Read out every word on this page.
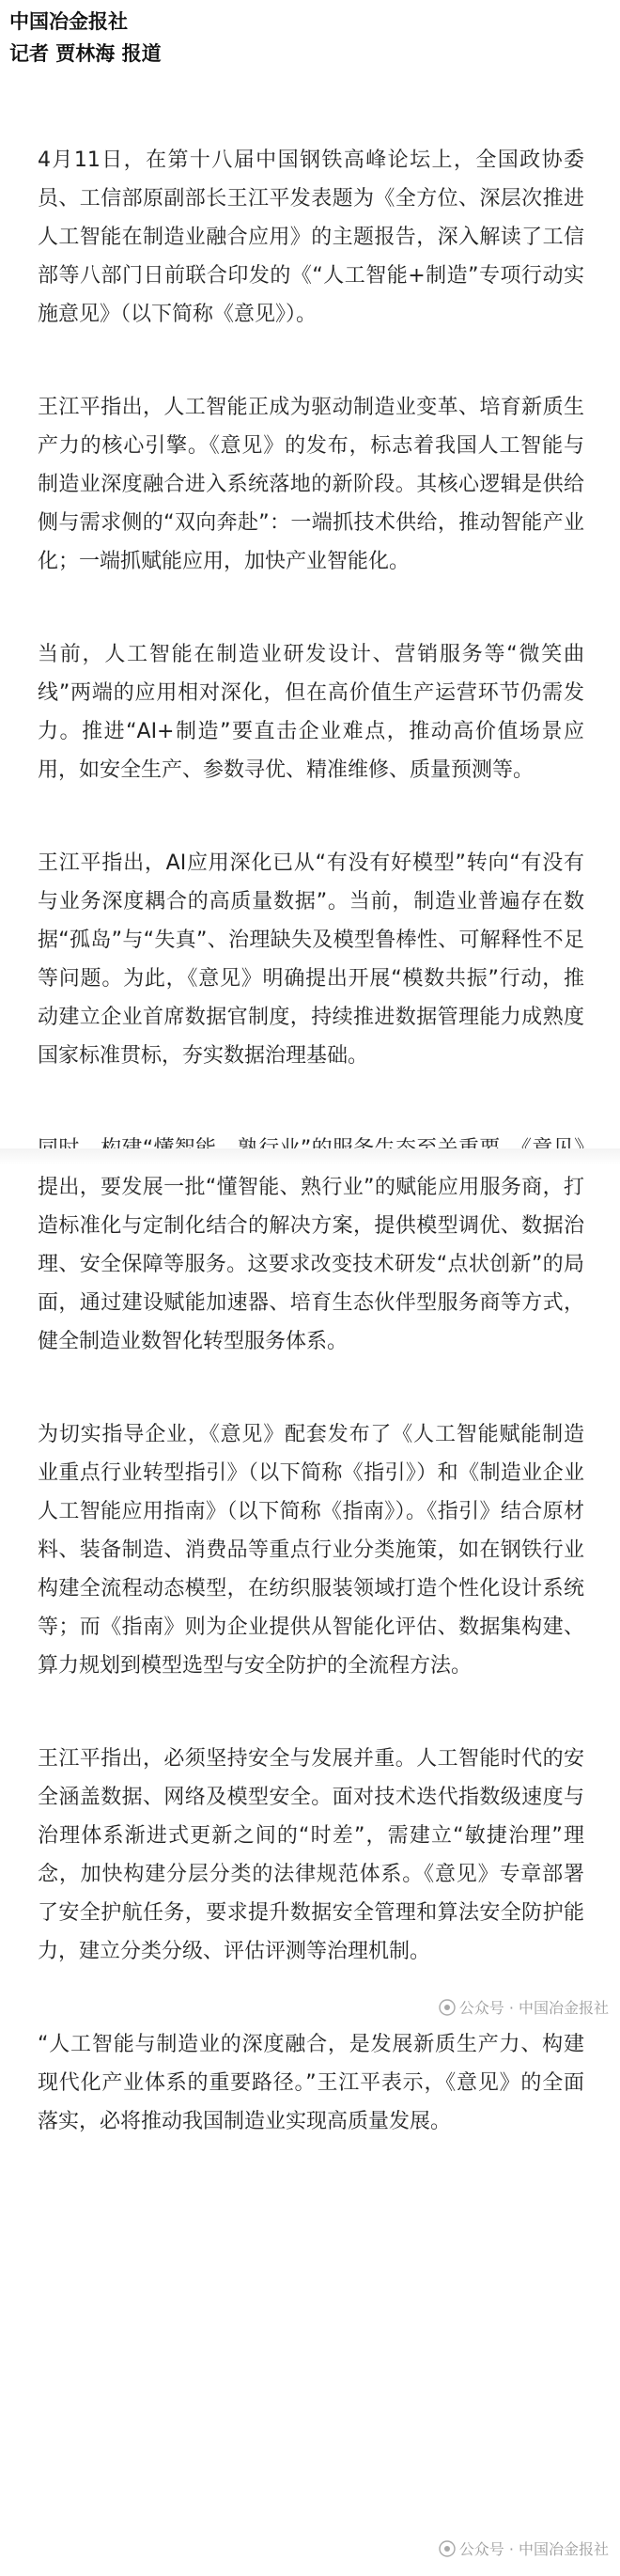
中国冶金报社
记者 贾林海 报道

4月11日，在第十八届中国钢铁高峰论坛上，全国政协委员、工信部原副部长王江平发表题为《全方位、深层次推进人工智能在制造业融合应用》的主题报告，深入解读了工信部等八部门日前联合印发的《“人工智能+制造”专项行动实施意见》（以下简称《意见》）。

王江平指出，人工智能正成为驱动制造业变革、培育新质生产力的核心引擎。《意见》的发布，标志着我国人工智能与制造业深度融合进入系统落地的新阶段。其核心逻辑是供给侧与需求侧的“双向奔赴”：一端抓技术供给，推动智能产业化；一端抓赋能应用，加快产业智能化。

当前，人工智能在制造业研发设计、营销服务等“微笑曲线”两端的应用相对深化，但在高价值生产运营环节仍需发力。推进“AI+制造”要直击企业难点，推动高价值场景应用，如安全生产、参数寻优、精准维修、质量预测等。

王江平指出，AI应用深化已从“有没有好模型”转向“有没有与业务深度耦合的高质量数据”。当前，制造业普遍存在数据“孤岛”与“失真”、治理缺失及模型鲁棒性、可解释性不足等问题。为此，《意见》明确提出开展“模数共振”行动，推动建立企业首席数据官制度，持续推进数据管理能力成熟度国家标准贯标，夯实数据治理基础。

提出，要发展一批“懂智能、熟行业”的赋能应用服务商，打造标准化与定制化结合的解决方案，提供模型调优、数据治理、安全保障等服务。这要求改变技术研发“点状创新”的局面，通过建设赋能加速器、培育生态伙伴型服务商等方式，健全制造业数智化转型服务体系。

为切实指导企业，《意见》配套发布了《人工智能赋能制造业重点行业转型指引》（以下简称《指引》）和《制造业企业人工智能应用指南》（以下简称《指南》）。《指引》结合原材料、装备制造、消费品等重点行业分类施策，如在钢铁行业构建全流程动态模型，在纺织服装领域打造个性化设计系统等；而《指南》则为企业提供从智能化评估、数据集构建、算力规划到模型选型与安全防护的全流程方法。

王江平指出，必须坚持安全与发展并重。人工智能时代的安全涵盖数据、网络及模型安全。面对技术迭代指数级速度与治理体系渐进式更新之间的“时差”，需建立“敏捷治理”理念，加快构建分层分类的法律规范体系。《意见》专章部署了安全护航任务，要求提升数据安全管理和算法安全防护能力，建立分类分级、评估评测等治理机制。

“人工智能与制造业的深度融合，是发展新质生产力、构建现代化产业体系的重要路径。”王江平表示，《意见》的全面落实，必将推动我国制造业实现高质量发展。

公众号 · 中国冶金报社
公众号 · 中国冶金报社
